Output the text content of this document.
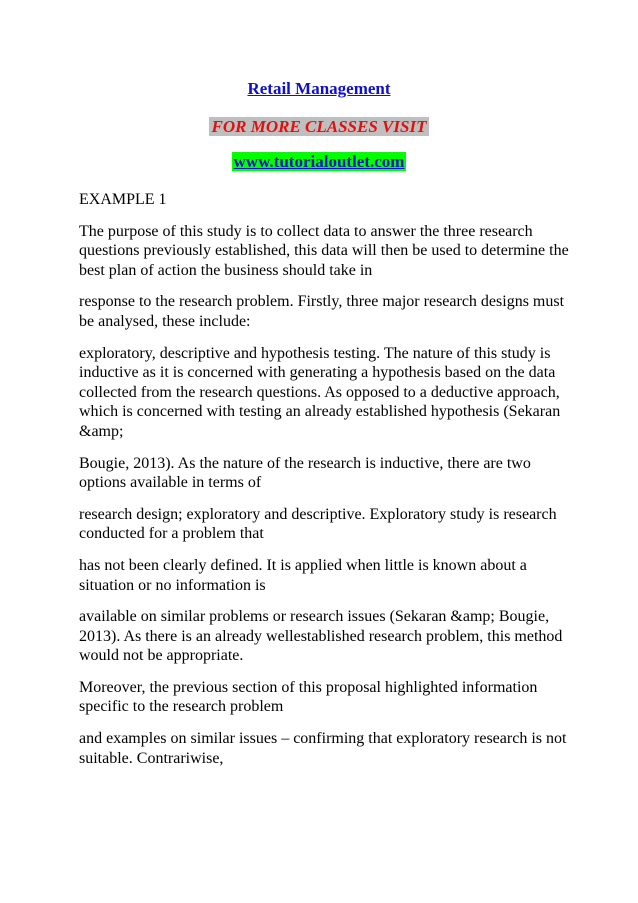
Retail Management
FOR MORE CLASSES VISIT
www.tutorialoutlet.com

EXAMPLE 1

The purpose of this study is to collect data to answer the three research questions previously established, this data will then be used to determine the best plan of action the business should take in

response to the research problem. Firstly, three major research designs must be analysed, these include:

exploratory, descriptive and hypothesis testing. The nature of this study is inductive as it is concerned with generating a hypothesis based on the data collected from the research questions. As opposed to a deductive approach, which is concerned with testing an already established hypothesis (Sekaran &amp;

Bougie, 2013). As the nature of the research is inductive, there are two options available in terms of

research design; exploratory and descriptive. Exploratory study is research conducted for a problem that

has not been clearly defined. It is applied when little is known about a situation or no information is

available on similar problems or research issues (Sekaran &amp; Bougie, 2013). As there is an already wellestablished research problem, this method would not be appropriate.

Moreover, the previous section of this proposal highlighted information specific to the research problem

and examples on similar issues – confirming that exploratory research is not suitable. Contrariwise,
